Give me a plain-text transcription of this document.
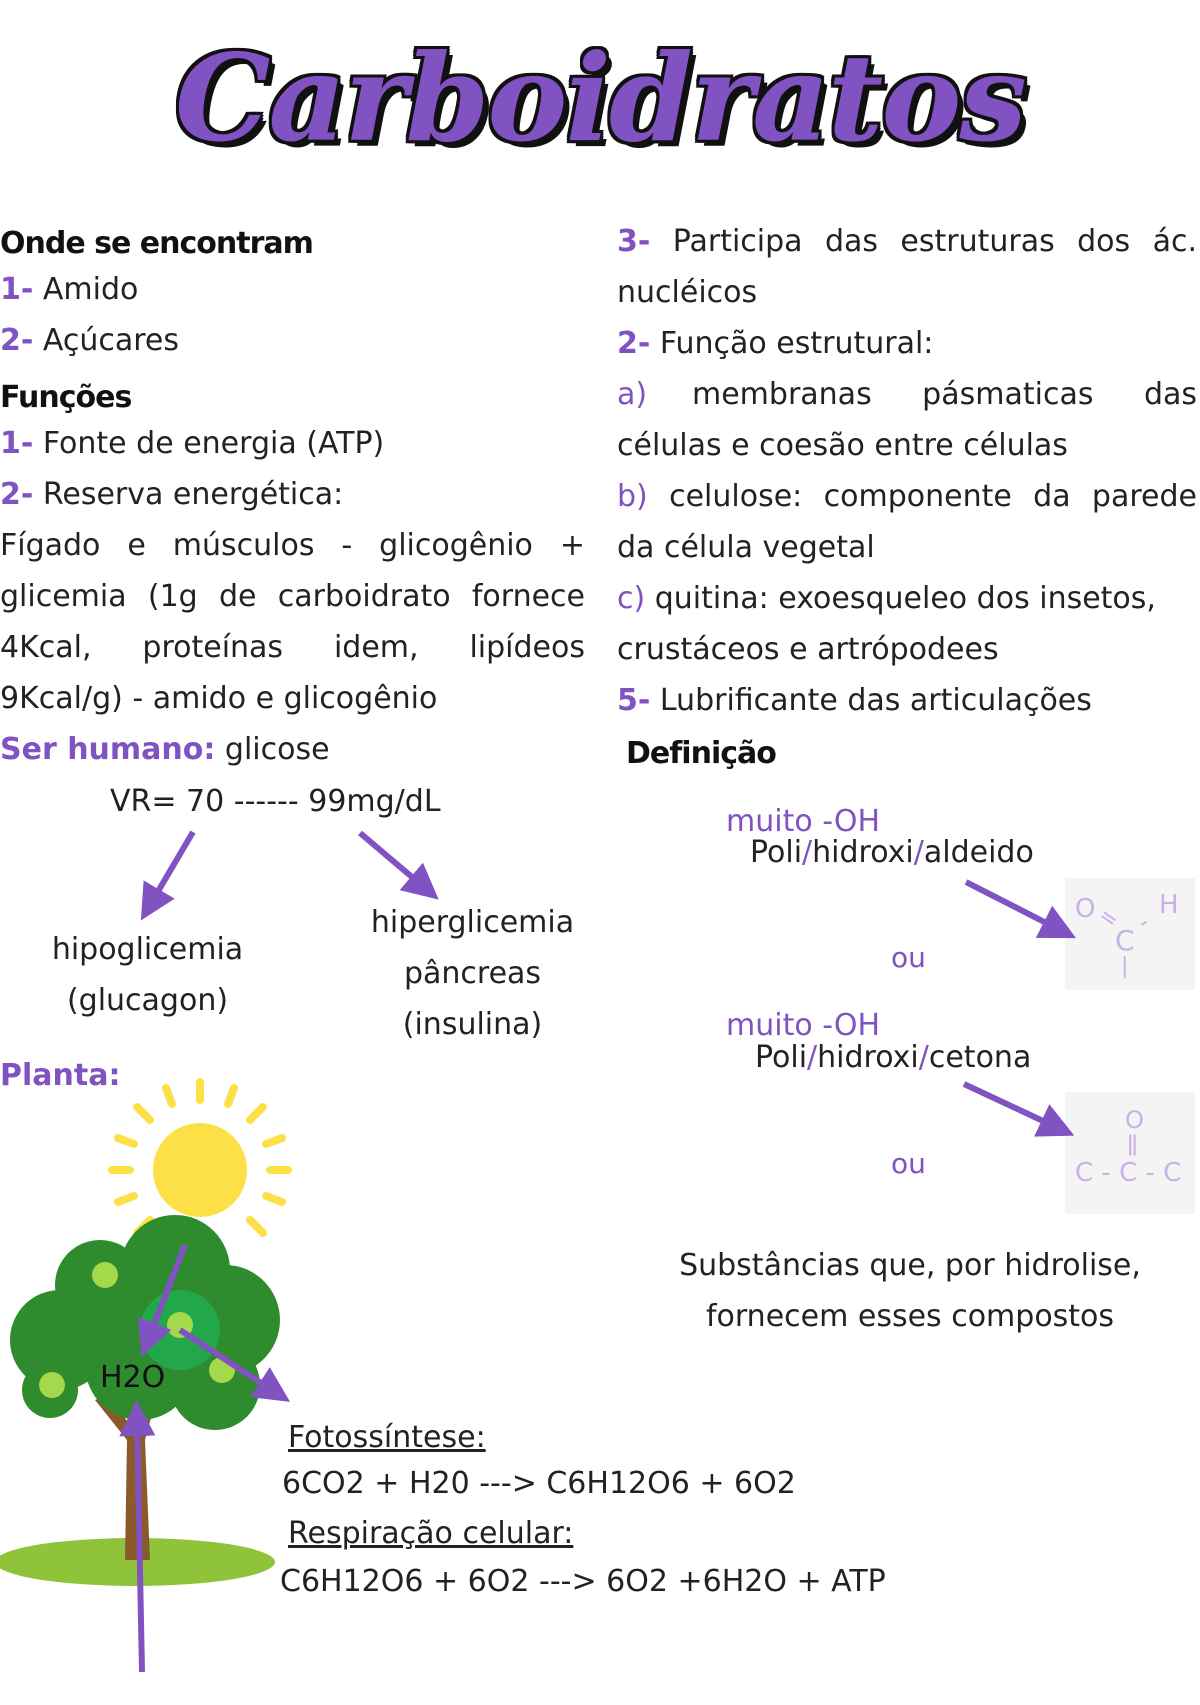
Carboidratos
Onde se encontram
1- Amido
2- Açúcares
Funções
1- Fonte de energia (ATP)
2- Reserva energética:
Fígado e músculos - glicogênio +
glicemia (1g de carboidrato fornece
4Kcal, proteínas idem, lipídeos
9Kcal/g) - amido e glicogênio
Ser humano: glicose
VR= 70 ------ 99mg/dL
hipoglicemia
(glucagon)
hiperglicemia
pâncreas
(insulina)
Planta:
3- Participa das estruturas dos ác.
nucléicos
2- Função estrutural:
a) membranas pásmaticas das
células e coesão entre células
b) celulose: componente da parede
da célula vegetal
c) quitina: exoesqueleo dos insetos,
crustáceos e artrópodees
5- Lubrificante das articulações
Definição
muito -OH
Poli/hidroxi/aldeido
ou
O
=
C
-
H
|
muito -OH
Poli/hidroxi/cetona
ou
O
ǁ
C - C - C
Substâncias que, por hidrolise,
fornecem esses compostos
Fotossíntese:
6CO2 + H20 ---> C6H12O6 + 6O2
Respiração celular:
C6H12O6 + 6O2 ---> 6O2 +6H2O + ATP
H2O
